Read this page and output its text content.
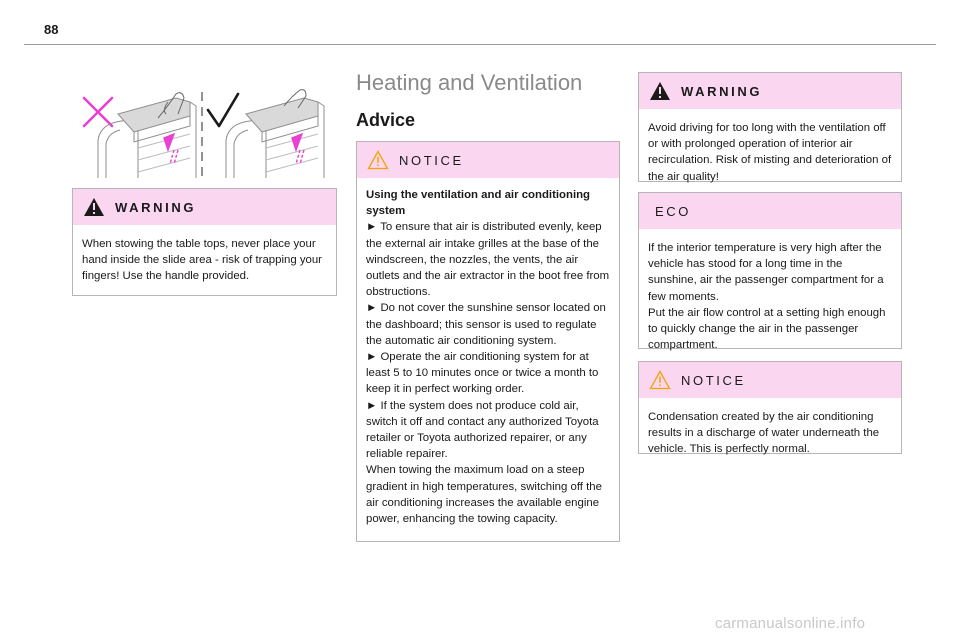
88
WARNING

When stowing the table tops, never place your hand inside the slide area - risk of trapping your fingers! Use the handle provided.

Heating and Ventilation
Advice
NOTICE

Using the ventilation and air conditioning system

► To ensure that air is distributed evenly, keep the external air intake grilles at the base of the windscreen, the nozzles, the vents, the air outlets and the air extractor in the boot free from obstructions.

► Do not cover the sunshine sensor located on the dashboard; this sensor is used to regulate the automatic air conditioning system.

► Operate the air conditioning system for at least 5 to 10 minutes once or twice a month to keep it in perfect working order.

► If the system does not produce cold air, switch it off and contact any authorized Toyota retailer or Toyota authorized repairer, or any reliable repairer.

When towing the maximum load on a steep gradient in high temperatures, switching off the air conditioning increases the available engine power, enhancing the towing capacity.

WARNING

Avoid driving for too long with the ventilation off or with prolonged operation of interior air recirculation. Risk of misting and deterioration of the air quality!

ECO

If the interior temperature is very high after the vehicle has stood for a long time in the sunshine, air the passenger compartment for a few moments.

Put the air flow control at a setting high enough to quickly change the air in the passenger compartment.

NOTICE

Condensation created by the air conditioning results in a discharge of water underneath the vehicle. This is perfectly normal.

carmanualsonline.info
